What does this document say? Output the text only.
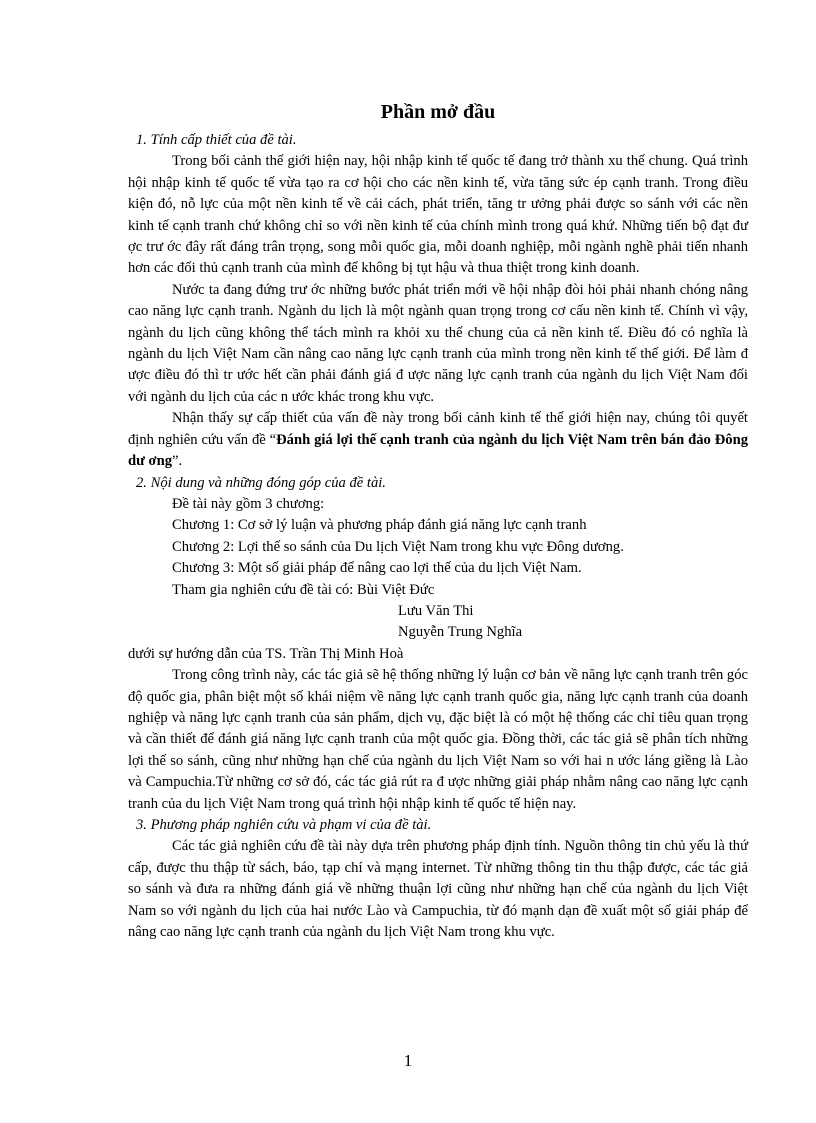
Phần mở đầu
1. Tính cấp thiết của đề tài.

Trong bối cảnh thế giới hiện nay, hội nhập kinh tế quốc tế đang trở thành xu thế chung. Quá trình hội nhập kinh tế quốc tế vừa tạo ra cơ hội cho các nền kinh tế, vừa tăng sức ép cạnh tranh. Trong điều kiện đó, nỗ lực của một nền kinh tế về cải cách, phát triển, tăng tr ưởng phải được so sánh với các nền kinh tế cạnh tranh chứ không chỉ so với nền kinh tế của chính mình trong quá khứ. Những tiến bộ đạt đư ợc trư ớc đây rất đáng trân trọng, song mỗi quốc gia, mỗi doanh nghiệp, mỗi ngành nghề phải tiến nhanh hơn các đối thủ cạnh tranh của mình để không bị tụt hậu và thua thiệt trong kinh doanh.

Nước ta đang đứng trư ớc những bước phát triển mới về hội nhập đòi hỏi phải nhanh chóng nâng cao năng lực cạnh tranh. Ngành du lịch là một ngành quan trọng trong cơ cấu nền kinh tế. Chính vì vậy, ngành du lịch cũng không thể tách mình ra khỏi xu thế chung của cả nền kinh tế. Điều đó có nghĩa là ngành du lịch Việt Nam cần nâng cao năng lực cạnh tranh của mình trong nền kinh tế thế giới. Để làm đ ược điều đó thì tr ước hết cần phải đánh giá đ ược năng lực cạnh tranh của ngành du lịch Việt Nam đối với ngành du lịch của các n ước khác trong khu vực.

Nhận thấy sự cấp thiết của vấn đề này trong bối cảnh kinh tế thế giới hiện nay, chúng tôi quyết định nghiên cứu vấn đề “Đánh giá lợi thế cạnh tranh của ngành du lịch Việt Nam trên bán đảo Đông dư ơng”.

2. Nội dung và những đóng góp của đề tài.
Đề tài này gồm 3 chương:
Chương 1: Cơ sở lý luận và phương pháp đánh giá năng lực cạnh tranh
Chương 2: Lợi thế so sánh của Du lịch Việt Nam trong khu vực Đông dương.
Chương 3: Một số giải pháp để nâng cao lợi thế của du lịch Việt Nam.
Tham gia nghiên cứu đề tài có: Bùi Việt Đức
Lưu Văn Thi
Nguyễn Trung Nghĩa

dưới sự hướng dẫn của TS. Trần Thị Minh Hoà

Trong công trình này, các tác giả sẽ hệ thống những lý luận cơ bản về năng lực cạnh tranh trên góc độ quốc gia, phân biệt một số khái niệm về năng lực cạnh tranh quốc gia, năng lực cạnh tranh của doanh nghiệp và năng lực cạnh tranh của sản phẩm, dịch vụ, đặc biệt là có một hệ thống các chỉ tiêu quan trọng và cần thiết để đánh giá năng lực cạnh tranh của một quốc gia. Đồng thời, các tác giả sẽ phân tích những lợi thế so sánh, cũng như những hạn chế của ngành du lịch Việt Nam so với hai n ước láng giềng là Lào và Campuchia.Từ những cơ sở đó, các tác giả rút ra đ ược những giải pháp nhằm nâng cao năng lực cạnh tranh của du lịch Việt Nam trong quá trình hội nhập kinh tế quốc tế hiện nay.

3. Phương pháp nghiên cứu và phạm vi của đề tài.

Các tác giả nghiên cứu đề tài này dựa trên phương pháp định tính. Nguồn thông tin chủ yếu là thứ cấp, được thu thập từ sách, báo, tạp chí và mạng internet. Từ những thông tin thu thập được, các tác giả so sánh và đưa ra những đánh giá về những thuận lợi cũng như những hạn chế của ngành du lịch Việt Nam so với ngành du lịch của hai nước Lào và Campuchia, từ đó mạnh dạn đề xuất một số giải pháp để nâng cao năng lực cạnh tranh của ngành du lịch Việt Nam trong khu vực.

1
